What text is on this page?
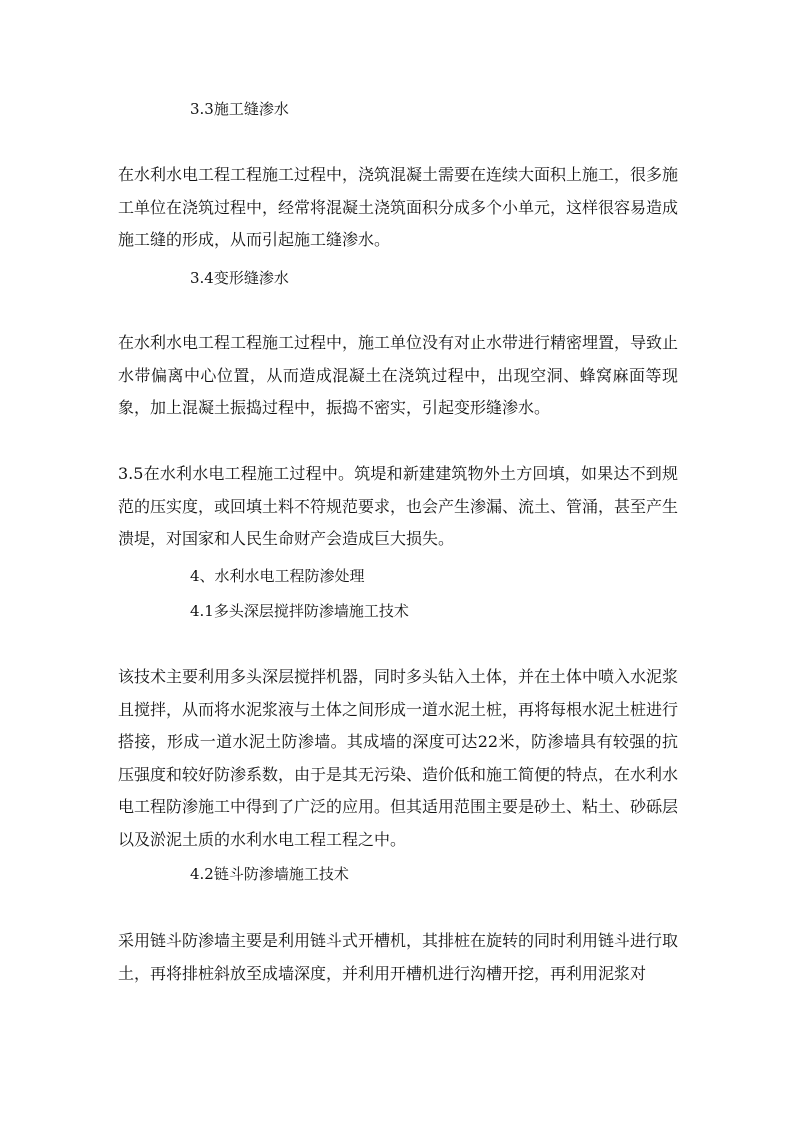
3.3施工缝渗水
在水利水电工程工程施工过程中，浇筑混凝土需要在连续大面积上施工，很多施工单位在浇筑过程中，经常将混凝土浇筑面积分成多个小单元，这样很容易造成施工缝的形成，从而引起施工缝渗水。
3.4变形缝渗水
在水利水电工程工程施工过程中，施工单位没有对止水带进行精密埋置，导致止水带偏离中心位置，从而造成混凝土在浇筑过程中，出现空洞、蜂窝麻面等现象，加上混凝土振捣过程中，振捣不密实，引起变形缝渗水。
3.5在水利水电工程施工过程中。筑堤和新建建筑物外土方回填，如果达不到规范的压实度，或回填土料不符规范要求，也会产生渗漏、流土、管涌，甚至产生溃堤，对国家和人民生命财产会造成巨大损失。
4、水利水电工程防渗处理
4.1多头深层搅拌防渗墙施工技术
该技术主要利用多头深层搅拌机器，同时多头钻入土体，并在土体中喷入水泥浆且搅拌，从而将水泥浆液与土体之间形成一道水泥土桩，再将每根水泥土桩进行搭接，形成一道水泥土防渗墙。其成墙的深度可达22米，防渗墙具有较强的抗压强度和较好防渗系数，由于是其无污染、造价低和施工简便的特点，在水利水电工程防渗施工中得到了广泛的应用。但其适用范围主要是砂土、粘土、砂砾层以及淤泥土质的水利水电工程工程之中。
4.2链斗防渗墙施工技术
采用链斗防渗墙主要是利用链斗式开槽机，其排桩在旋转的同时利用链斗进行取土，再将排桩斜放至成墙深度，并利用开槽机进行沟槽开挖，再利用泥浆对
